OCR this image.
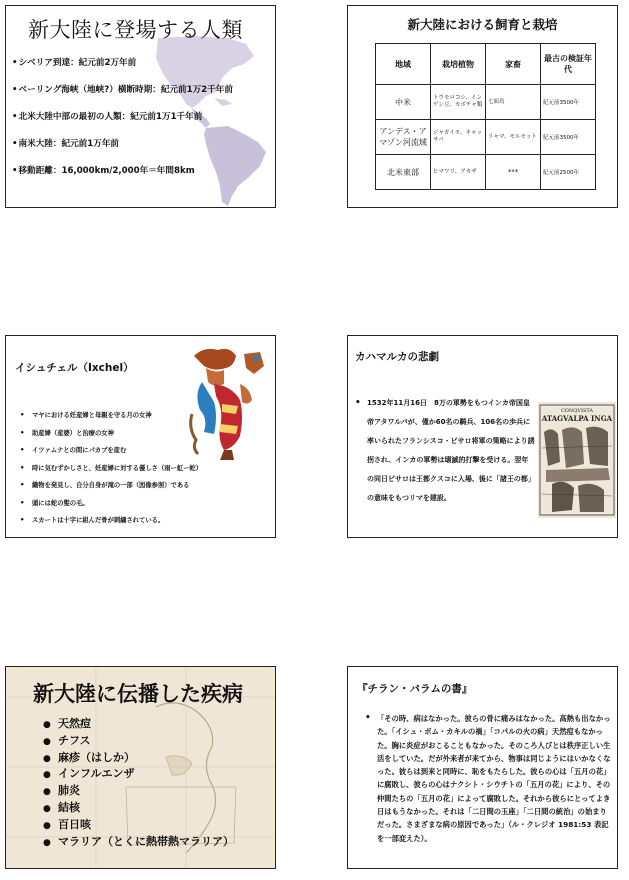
新大陸に登場する人類
•シベリア到達：紀元前2万年前
•ベーリング海峡（地峡?）横断時期：紀元前1万2千年前
•北米大陸中部の最初の人類：紀元前1万1千年前
•南米大陸：紀元前1万年前
•移動距離：16,000km/2,000年＝年間8km
新大陸における飼育と栽培
地域	栽培植物	家畜	最古の検証年代
中米	トウモロコシ、インゲン豆、カボチャ類	七面鳥	紀元前3500年
アンデス・アマゾン河流域	ジャガイモ、キャッサバ	リャマ、モルモット	紀元前3500年
北米東部	ヒマワリ、アカザ	***	紀元前2500年
イシュチェル（Ixchel）
• マヤにおける妊産婦と母親を守る月の女神
• 助産婦（産婆）と治療の女神
• イツァムナとの間にパカブを産む
• 時に気むずかしさと、妊産婦に対する優しさ（雨ー虹ー蛇）
• 織物を発見し、自分自身が滝の一部（図像参照）である
• 頭には蛇の髪の毛。
• スカートは十字に組んだ骨が刺繍されている。
カハマルカの悲劇
• 1532年11月16日　8万の軍勢をもつインカ帝国皇帝アタワルパが、僅か60名の騎兵、106名の歩兵に率いられたフランシスコ・ピサロ将軍の策略により誘拐され、インカの軍勢は壊滅的打撃を受ける。翌年の同日ピサロは王都クスコに入場、後に「諸王の都」の意味をもつリマを建設。
CONQVISTA
ATAGVALPA INGA
新大陸に伝播した疾病
● 天然痘
● チフス
● 麻疹（はしか）
● インフルエンザ
● 肺炎
● 結核
● 百日咳
● マラリア（とくに熱帯熱マラリア）
『チラン・バラムの書』
• 「その時、病はなかった。彼らの骨に痛みはなかった。高熱も出なかった。「イシュ・ボム・カキルの禍」「コパルの火の病」天然痘もなかった。胸に炎症がおこることもなかった。そのころ人びとは秩序正しい生活をしていた。だが外来者が来てから、物事は同じようにはいかなくなった。彼らは到来と同時に、恥をもたらした。彼らの心は「五月の花」に腐敗し、彼らの心はナクシト・シウチトの「五月の花」により、その仲間たちの「五月の花」によって腐敗した。それから彼らにとってよき日はもうなかった。それは「二日間の玉座」「二日間の統治」の始まりだった。さまざまな病の原因であった」（ル・クレジオ 1981:53 表記を一部変えた）。
